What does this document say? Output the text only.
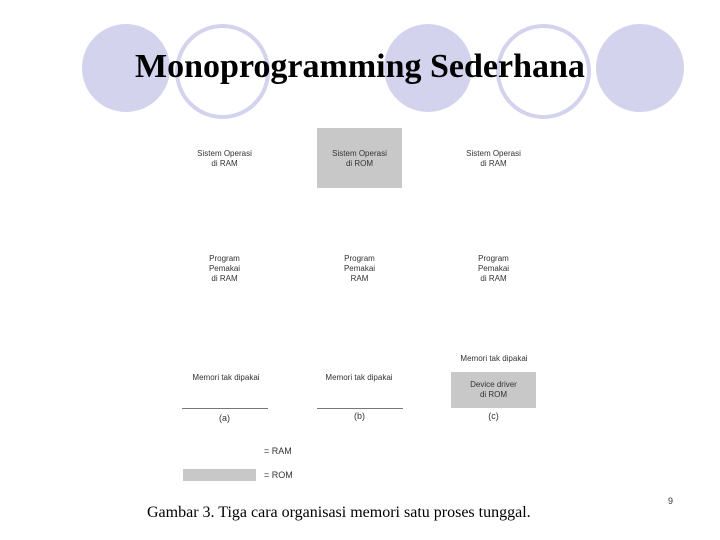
Monoprogramming Sederhana
Sistem Operasi
di RAM
Program
Pemakai
di RAM
Memori tak dipakai
(a)
Sistem Operasi
di ROM
Program
Pemakai
RAM
Memori tak dipakai
(b)
Sistem Operasi
di RAM
Program
Pemakai
di RAM
Memori tak dipakai
Device driver
di ROM
(c)
= RAM
= ROM
Gambar 3. Tiga cara organisasi memori satu proses tunggal.
9
